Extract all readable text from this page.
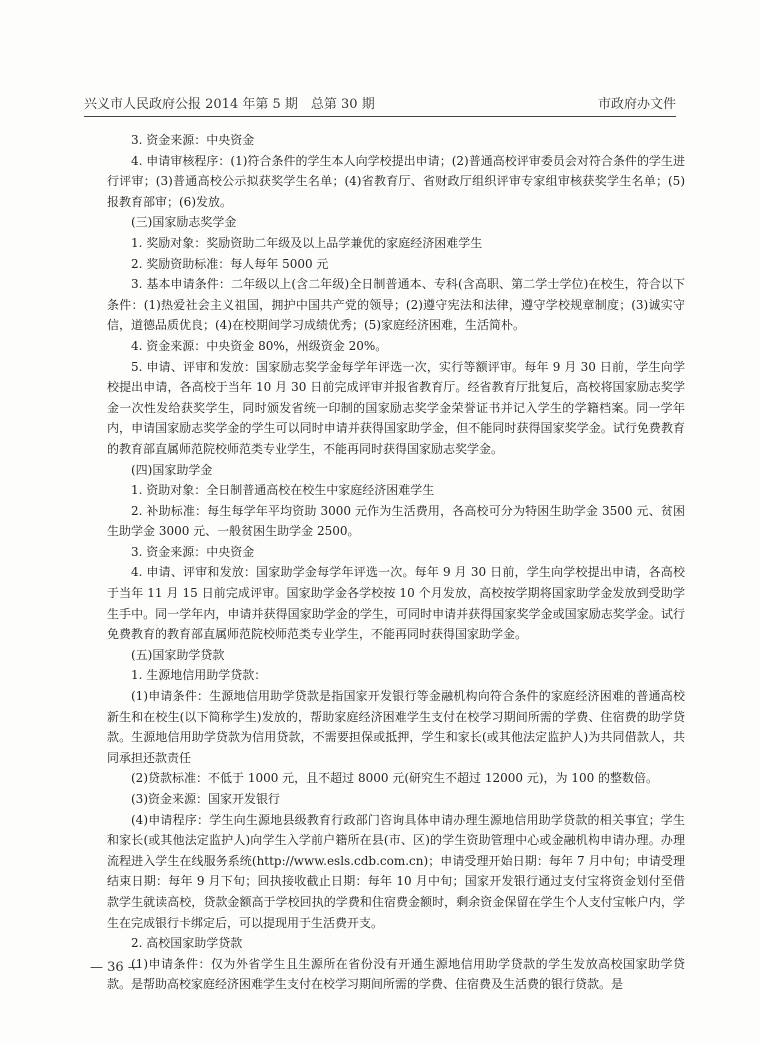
兴义市人民政府公报 2014 年第 5 期　总第 30 期	市政府办文件

3. 资金来源：中央资金

4. 申请审核程序：(1)符合条件的学生本人向学校提出申请；(2)普通高校评审委员会对符合条件的学生进行评审；(3)普通高校公示拟获奖学生名单；(4)省教育厅、省财政厅组织评审专家组审核获奖学生名单；(5)报教育部审；(6)发放。

(三)国家励志奖学金

1. 奖励对象：奖励资助二年级及以上品学兼优的家庭经济困难学生

2. 奖励资助标准：每人每年 5000 元

3. 基本申请条件：二年级以上(含二年级)全日制普通本、专科(含高职、第二学士学位)在校生，符合以下条件：(1)热爱社会主义祖国，拥护中国共产党的领导；(2)遵守宪法和法律，遵守学校规章制度；(3)诚实守信，道德品质优良；(4)在校期间学习成绩优秀；(5)家庭经济困难，生活简朴。

4. 资金来源：中央资金 80%，州级资金 20%。

5. 申请、评审和发放：国家励志奖学金每学年评选一次，实行等额评审。每年 9 月 30 日前，学生向学校提出申请，各高校于当年 10 月 30 日前完成评审并报省教育厅。经省教育厅批复后，高校将国家励志奖学金一次性发给获奖学生，同时颁发省统一印制的国家励志奖学金荣誉证书并记入学生的学籍档案。同一学年内，申请国家励志奖学金的学生可以同时申请并获得国家助学金，但不能同时获得国家奖学金。试行免费教育的教育部直属师范院校师范类专业学生，不能再同时获得国家励志奖学金。

(四)国家助学金

1. 资助对象：全日制普通高校在校生中家庭经济困难学生

2. 补助标准：每生每学年平均资助 3000 元作为生活费用，各高校可分为特困生助学金 3500 元、贫困生助学金 3000 元、一般贫困生助学金 2500。

3. 资金来源：中央资金

4. 申请、评审和发放：国家助学金每学年评选一次。每年 9 月 30 日前，学生向学校提出申请，各高校于当年 11 月 15 日前完成评审。国家助学金各学校按 10 个月发放，高校按学期将国家助学金发放到受助学生手中。同一学年内，申请并获得国家助学金的学生，可同时申请并获得国家奖学金或国家励志奖学金。试行免费教育的教育部直属师范院校师范类专业学生，不能再同时获得国家助学金。

(五)国家助学贷款

1. 生源地信用助学贷款：

(1)申请条件：生源地信用助学贷款是指国家开发银行等金融机构向符合条件的家庭经济困难的普通高校新生和在校生(以下简称学生)发放的，帮助家庭经济困难学生支付在校学习期间所需的学费、住宿费的助学贷款。生源地信用助学贷款为信用贷款，不需要担保或抵押，学生和家长(或其他法定监护人)为共同借款人，共同承担还款责任

(2)贷款标准：不低于 1000 元，且不超过 8000 元(研究生不超过 12000 元)，为 100 的整数倍。

(3)资金来源：国家开发银行

(4)申请程序：学生向生源地县级教育行政部门咨询具体申请办理生源地信用助学贷款的相关事宜；学生和家长(或其他法定监护人)向学生入学前户籍所在县(市、区)的学生资助管理中心或金融机构申请办理。办理流程进入学生在线服务系统(http://www.esls.cdb.com.cn)；申请受理开始日期：每年 7 月中旬；申请受理结束日期：每年 9 月下旬；回执接收截止日期：每年 10 月中旬；国家开发银行通过支付宝将资金划付至借款学生就读高校，贷款金额高于学校回执的学费和住宿费金额时，剩余资金保留在学生个人支付宝帐户内，学生在完成银行卡绑定后，可以提现用于生活费开支。

2. 高校国家助学贷款

(1)申请条件：仅为外省学生且生源所在省份没有开通生源地信用助学贷款的学生发放高校国家助学贷款。是帮助高校家庭经济困难学生支付在校学习期间所需的学费、住宿费及生活费的银行贷款。是

— 36 —
